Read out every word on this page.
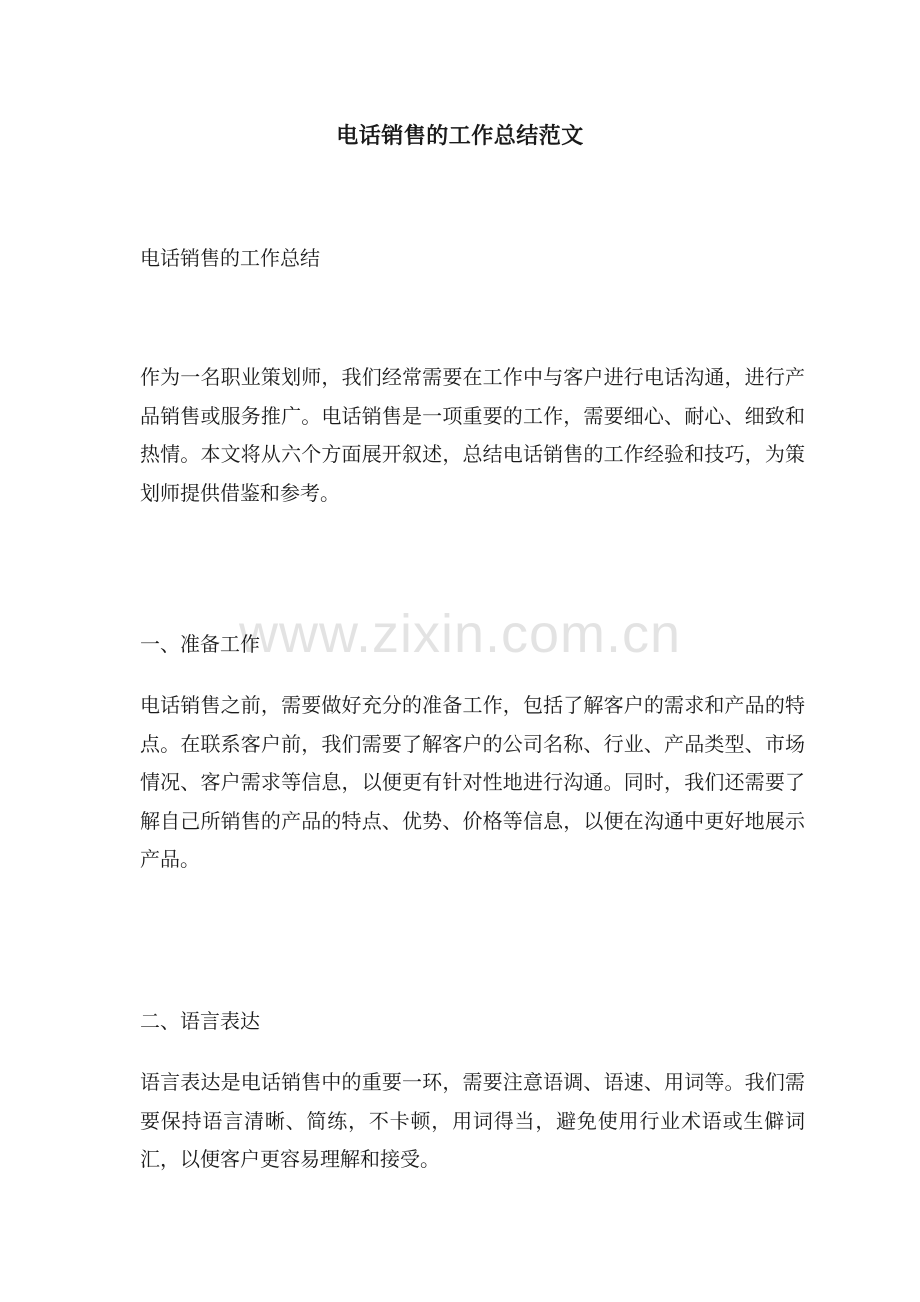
电话销售的工作总结范文
电话销售的工作总结
作为一名职业策划师，我们经常需要在工作中与客户进行电话沟通，进行产品销售或服务推广。电话销售是一项重要的工作，需要细心、耐心、细致和热情。本文将从六个方面展开叙述，总结电话销售的工作经验和技巧，为策划师提供借鉴和参考。
一、准备工作
电话销售之前，需要做好充分的准备工作，包括了解客户的需求和产品的特点。在联系客户前，我们需要了解客户的公司名称、行业、产品类型、市场情况、客户需求等信息，以便更有针对性地进行沟通。同时，我们还需要了解自己所销售的产品的特点、优势、价格等信息，以便在沟通中更好地展示产品。
二、语言表达
语言表达是电话销售中的重要一环，需要注意语调、语速、用词等。我们需要保持语言清晰、简练，不卡顿，用词得当，避免使用行业术语或生僻词汇，以便客户更容易理解和接受。
www.zixin.com.cn
